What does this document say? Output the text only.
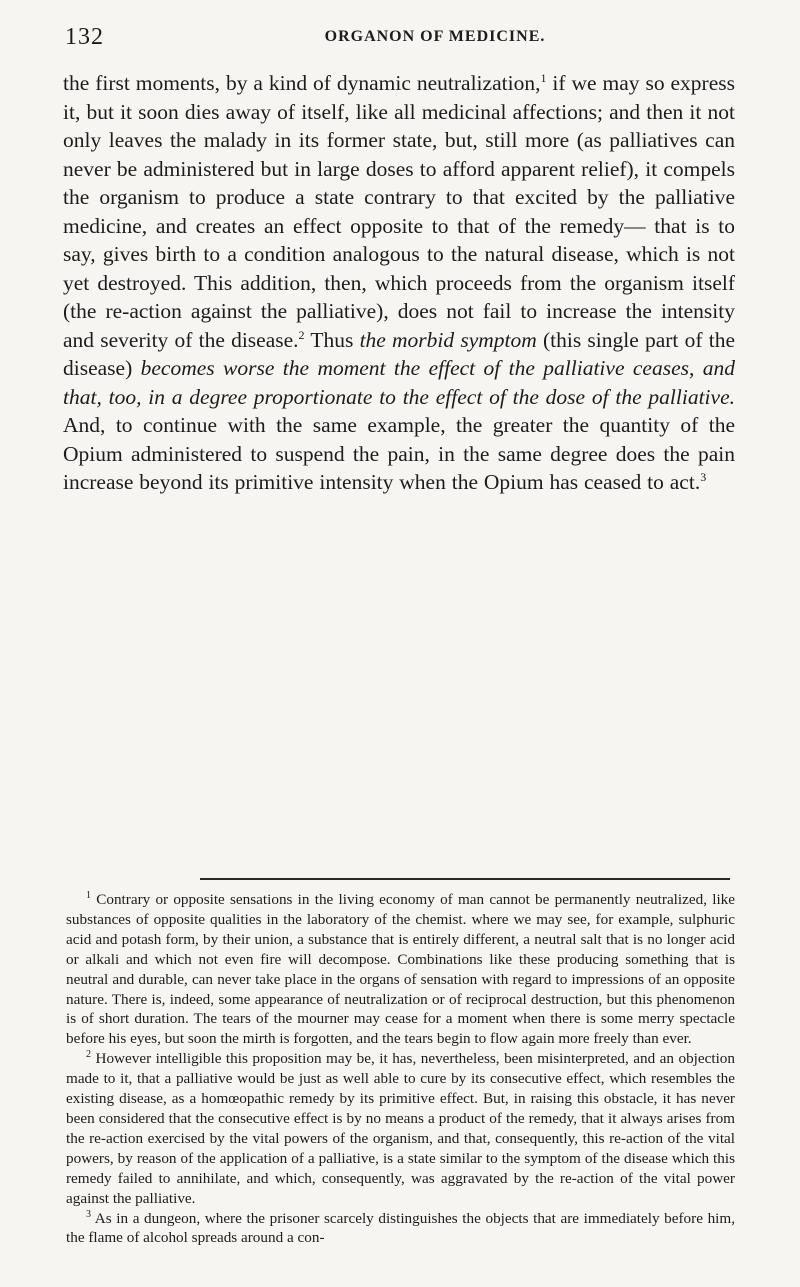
132	ORGANON OF MEDICINE.

the first moments, by a kind of dynamic neutralization,$^1$ if we may so express it, but it soon dies away of itself, like all medicinal affections; and then it not only leaves the malady in its former state, but, still more (as palliatives can never be administered but in large doses to afford apparent relief), it compels the organism to produce a state contrary to that excited by the palliative medicine, and creates an effect opposite to that of the remedy— that is to say, gives birth to a condition analogous to the natural disease, which is not yet destroyed. This addition, then, which proceeds from the organism itself (the re-action against the palliative), does not fail to increase the intensity and severity of the disease.$^2$ Thus the morbid symptom (this single part of the disease) becomes worse the moment the effect of the palliative ceases, and that, too, in a degree proportionate to the effect of the dose of the palliative. And, to continue with the same example, the greater the quantity of the Opium administered to suspend the pain, in the same degree does the pain increase beyond its primitive intensity when the Opium has ceased to act.$^3$

$^1$ Contrary or opposite sensations in the living economy of man cannot be permanently neutralized, like substances of opposite qualities in the laboratory of the chemist. where we may see, for example, sulphuric acid and potash form, by their union, a substance that is entirely different, a neutral salt that is no longer acid or alkali and which not even fire will decompose. Combinations like these producing something that is neutral and durable, can never take place in the organs of sensation with regard to impressions of an opposite nature. There is, indeed, some appearance of neutralization or of reciprocal destruction, but this phenomenon is of short duration. The tears of the mourner may cease for a moment when there is some merry spectacle before his eyes, but soon the mirth is forgotten, and the tears begin to flow again more freely than ever.

$^2$ However intelligible this proposition may be, it has, nevertheless, been misinterpreted, and an objection made to it, that a palliative would be just as well able to cure by its consecutive effect, which resembles the existing disease, as a homœopathic remedy by its primitive effect. But, in raising this obstacle, it has never been considered that the consecutive effect is by no means a product of the remedy, that it always arises from the re-action exercised by the vital powers of the organism, and that, consequently, this re-action of the vital powers, by reason of the application of a palliative, is a state similar to the symptom of the disease which this remedy failed to annihilate, and which, consequently, was aggravated by the re-action of the vital power against the palliative.

$^3$ As in a dungeon, where the prisoner scarcely distinguishes the objects that are immediately before him, the flame of alcohol spreads around a con-
